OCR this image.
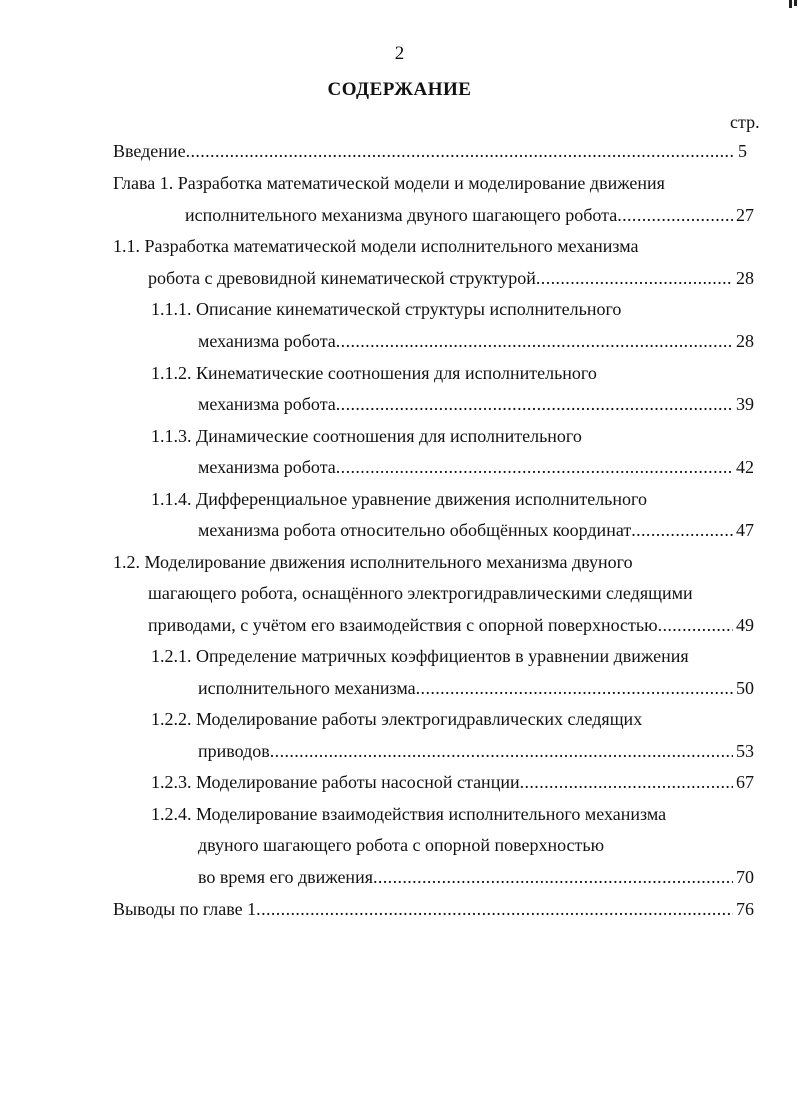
2
СОДЕРЖАНИЕ
стр.
Введение .....	5
Глава 1. Разработка математической модели и моделирование движения
исполнительного механизма двуного шагающего робота .....	27
1.1. Разработка математической модели исполнительного механизма
робота с древовидной кинематической структурой .....	28
1.1.1. Описание кинематической структуры исполнительного
механизма робота .....	28
1.1.2. Кинематические соотношения для исполнительного
механизма робота .....	39
1.1.3. Динамические соотношения для исполнительного
механизма робота .....	42
1.1.4. Дифференциальное уравнение движения исполнительного
механизма робота относительно обобщённых координат .....	47
1.2. Моделирование движения исполнительного механизма двуного
шагающего робота, оснащённого электрогидравлическими следящими
приводами, с учётом его взаимодействия с опорной поверхностью .....	49
1.2.1. Определение матричных коэффициентов в уравнении движения
исполнительного механизма .....	50
1.2.2. Моделирование работы электрогидравлических следящих
приводов .....	53
1.2.3. Моделирование работы насосной станции .....	67
1.2.4. Моделирование взаимодействия исполнительного механизма
двуного шагающего робота с опорной поверхностью
во время его движения .....	70
Выводы по главе 1 .....	76
